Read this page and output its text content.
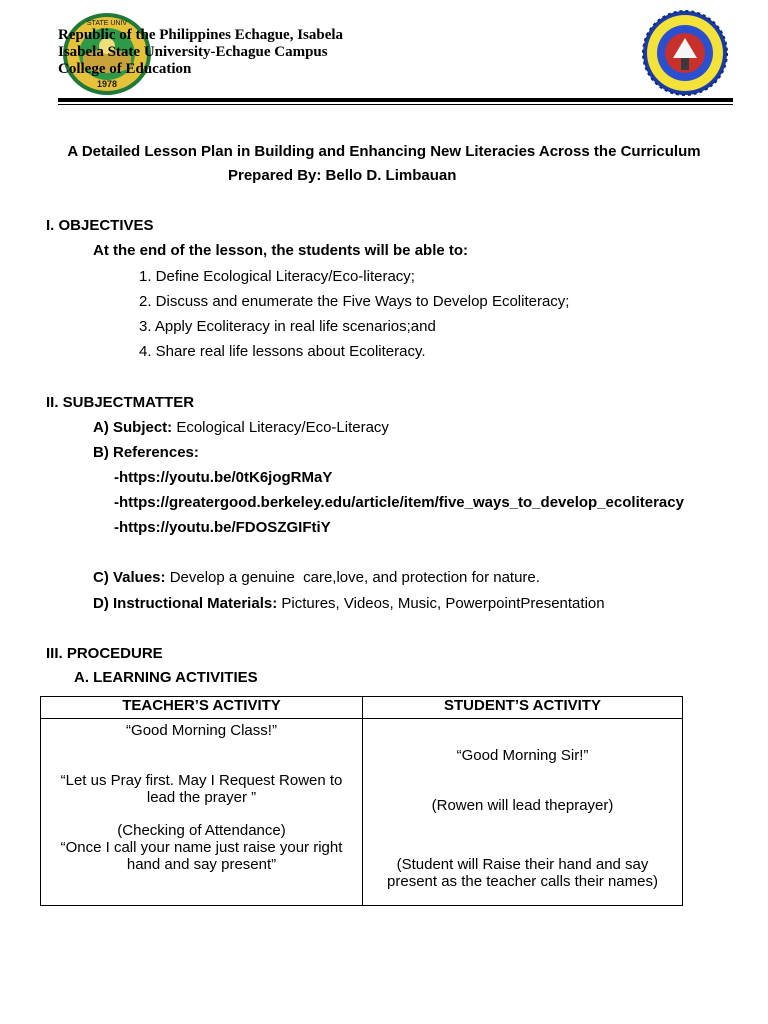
1978
STATE UNIV
Republic of the Philippines Echague, Isabela
Isabela State University-Echague Campus
College of Education
A Detailed Lesson Plan in Building and Enhancing New Literacies Across the Curriculum
Prepared By: Bello D. Limbauan
I. OBJECTIVES
At the end of the lesson, the students will be able to:
1. Define Ecological Literacy/Eco-literacy;
2. Discuss and enumerate the Five Ways to Develop Ecoliteracy;
3. Apply Ecoliteracy in real life scenarios;and
4. Share real life lessons about Ecoliteracy.
II. SUBJECTMATTER
A) Subject: Ecological Literacy/Eco-Literacy
B) References:
-https://youtu.be/0tK6jogRMaY
-https://greatergood.berkeley.edu/article/item/five_ways_to_develop_ecoliteracy
-https://youtu.be/FDOSZGIFtiY
C) Values: Develop a genuine  care,love, and protection for nature.
D) Instructional Materials: Pictures, Videos, Music, PowerpointPresentation
III. PROCEDURE
A. LEARNING ACTIVITIES
TEACHER’S ACTIVITY	STUDENT’S ACTIVITY
“Good Morning Class!”
“Let us Pray first. May I Request Rowen to lead the prayer ”
(Checking of Attendance)
“Once I call your name just raise your right hand and say present”
“Good Morning Sir!”
(Rowen will lead theprayer)
(Student will Raise their hand and say present as the teacher calls their names)
